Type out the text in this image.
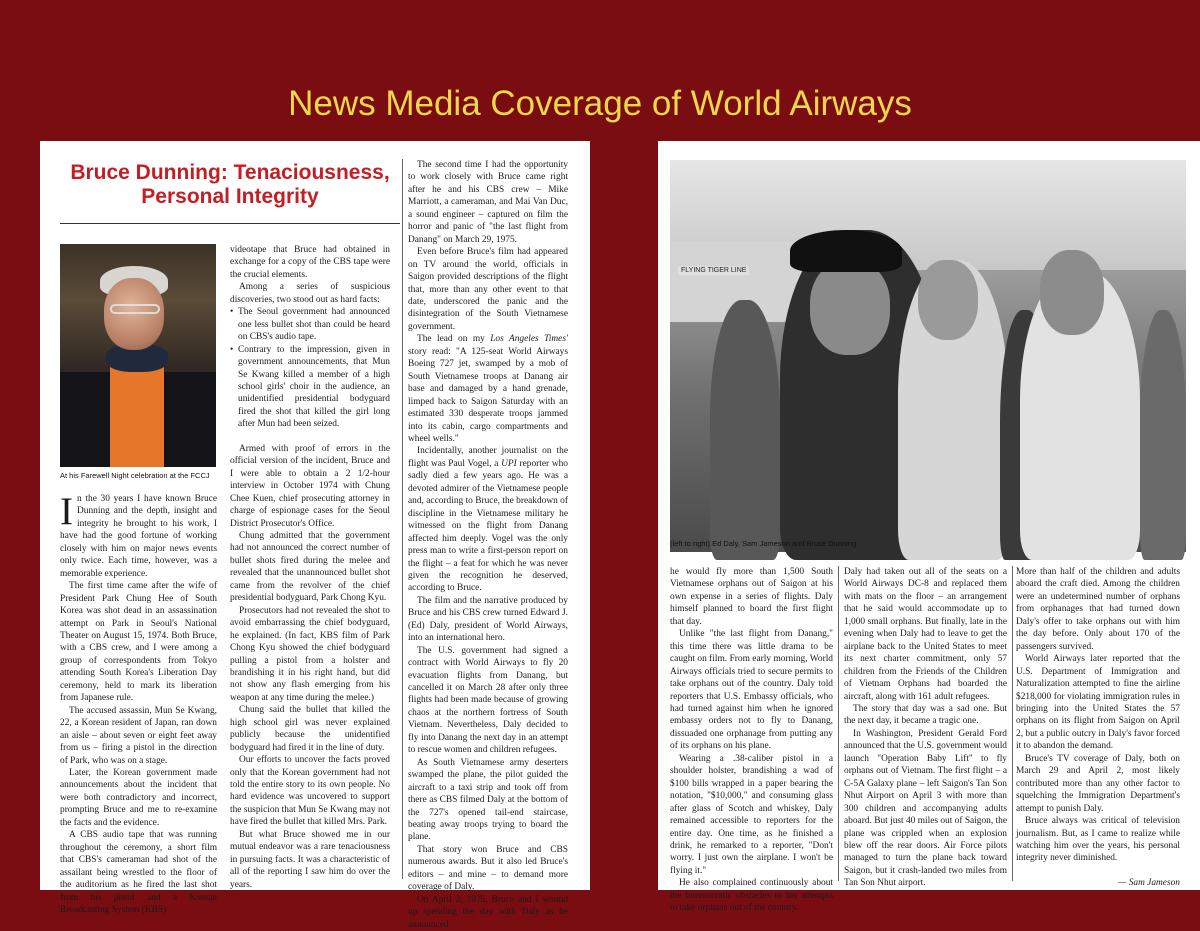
News Media Coverage of World Airways
Bruce Dunning: Tenaciousness,
Personal Integrity
At his Farewell Night celebration at the FCCJ

In the 30 years I have known Bruce Dunning and the depth, insight and integrity he brought to his work, I have had the good fortune of working closely with him on major news events only twice. Each time, however, was a memorable experience.

The first time came after the wife of President Park Chung Hee of South Korea was shot dead in an assassination attempt on Park in Seoul's National Theater on August 15, 1974. Both Bruce, with a CBS crew, and I were among a group of correspondents from Tokyo attending South Korea's Liberation Day ceremony, held to mark its liberation from Japanese rule.

The accused assassin, Mun Se Kwang, 22, a Korean resident of Japan, ran down an aisle – about seven or eight feet away from us – firing a pistol in the direction of Park, who was on a stage.

Later, the Korean government made announcements about the incident that were both contradictory and incorrect, prompting Bruce and me to re-examine the facts and the evidence.

A CBS audio tape that was running throughout the ceremony, a short film that CBS's cameraman had shot of the assailant being wrestled to the floor of the auditorium as he fired the last shot from his pistol and a Korean Broadcasting System (KBS)

videotape that Bruce had obtained in exchange for a copy of the CBS tape were the crucial elements.

Among a series of suspicious discoveries, two stood out as hard facts:

• The Seoul government had announced one less bullet shot than could be heard on CBS's audio tape.
• Contrary to the impression, given in government announcements, that Mun Se Kwang killed a member of a high school girls' choir in the audience, an unidentified presidential bodyguard fired the shot that killed the girl long after Mun had been seized.

Armed with proof of errors in the official version of the incident, Bruce and I were able to obtain a 2 1/2-hour interview in October 1974 with Chung Chee Kuen, chief prosecuting attorney in charge of espionage cases for the Seoul District Prosecutor's Office.

Chung admitted that the government had not announced the correct number of bullet shots fired during the melee and revealed that the unannounced bullet shot came from the revolver of the chief presidential bodyguard, Park Chong Kyu.

Prosecutors had not revealed the shot to avoid embarrassing the chief bodyguard, he explained. (In fact, KBS film of Park Chong Kyu showed the chief bodyguard pulling a pistol from a holster and brandishing it in his right hand, but did not show any flash emerging from his weapon at any time during the melee.)

Chung said the bullet that killed the high school girl was never explained publicly because the unidentified bodyguard had fired it in the line of duty.

Our efforts to uncover the facts proved only that the Korean government had not told the entire story to its own people. No hard evidence was uncovered to support the suspicion that Mun Se Kwang may not have fired the bullet that killed Mrs. Park.

But what Bruce showed me in our mutual endeavor was a rare tenaciousness in pursuing facts. It was a characteristic of all of the reporting I saw him do over the years.

The second time I had the opportunity to work closely with Bruce came right after he and his CBS crew – Mike Marriott, a cameraman, and Mai Van Duc, a sound engineer – captured on film the horror and panic of "the last flight from Danang" on March 29, 1975.

Even before Bruce's film had appeared on TV around the world, officials in Saigon provided descriptions of the flight that, more than any other event to that date, underscored the panic and the disintegration of the South Vietnamese government.

The lead on my Los Angeles Times' story read: "A 125-seat World Airways Boeing 727 jet, swamped by a mob of South Vietnamese troops at Danang air base and damaged by a hand grenade, limped back to Saigon Saturday with an estimated 330 desperate troops jammed into its cabin, cargo compartments and wheel wells."

Incidentally, another journalist on the flight was Paul Vogel, a UPI reporter who sadly died a few years ago. He was a devoted admirer of the Vietnamese people and, according to Bruce, the breakdown of discipline in the Vietnamese military he witnessed on the flight from Danang affected him deeply. Vogel was the only press man to write a first-person report on the flight – a feat for which he was never given the recognition he deserved, according to Bruce.

The film and the narrative produced by Bruce and his CBS crew turned Edward J. (Ed) Daly, president of World Airways, into an international hero.

The U.S. government had signed a contract with World Airways to fly 20 evacuation flights from Danang, but cancelled it on March 28 after only three flights had been made because of growing chaos at the northern fortress of South Vietnam. Nevertheless, Daly decided to fly into Danang the next day in an attempt to rescue women and children refugees.

As South Vietnamese army deserters swamped the plane, the pilot guided the aircraft to a taxi strip and took off from there as CBS filmed Daly at the bottom of the 727's opened tail-end staircase, beating away troops trying to board the plane.

That story won Bruce and CBS numerous awards. But it also led Bruce's editors – and mine – to demand more coverage of Daly.

On April 2, 1975, Bruce and I wound up spending the day with Daly as he announced

FLYING TIGER LINE
(left to right) Ed Daly, Sam Jameson and Bruce Dunning

he would fly more than 1,500 South Vietnamese orphans out of Saigon at his own expense in a series of flights. Daly himself planned to board the first flight that day.

Unlike "the last flight from Danang," this time there was little drama to be caught on film. From early morning, World Airways officials tried to secure permits to take orphans out of the country. Daly told reporters that U.S. Embassy officials, who had turned against him when he ignored embassy orders not to fly to Danang, dissuaded one orphanage from putting any of its orphans on his plane.

Wearing a .38-caliber pistol in a shoulder holster, brandishing a wad of $100 bills wrapped in a paper bearing the notation, "$10,000," and consuming glass after glass of Scotch and whiskey, Daly remained accessible to reporters for the entire day. One time, as he finished a drink, he remarked to a reporter, "Don't worry. I just own the airplane. I won't be flying it."

He also complained continuously about the bureaucratic obstacles to his attempts to take orphans out of the country.

Daly had taken out all of the seats on a World Airways DC-8 and replaced them with mats on the floor – an arrangement that he said would accommodate up to 1,000 small orphans. But finally, late in the evening when Daly had to leave to get the airplane back to the United States to meet its next charter commitment, only 57 children from the Friends of the Children of Vietnam Orphans had boarded the aircraft, along with 161 adult refugees.

The story that day was a sad one. But the next day, it became a tragic one.

In Washington, President Gerald Ford announced that the U.S. government would launch "Operation Baby Lift" to fly orphans out of Vietnam. The first flight – a C-5A Galaxy plane – left Saigon's Tan Son Nhut Airport on April 3 with more than 300 children and accompanying adults aboard. But just 40 miles out of Saigon, the plane was crippled when an explosion blew off the rear doors. Air Force pilots managed to turn the plane back toward Saigon, but it crash-landed two miles from Tan Son Nhut airport.

More than half of the children and adults aboard the craft died. Among the children were an undetermined number of orphans from orphanages that had turned down Daly's offer to take orphans out with him the day before. Only about 170 of the passengers survived.

World Airways later reported that the U.S. Department of Immigration and Naturalization attempted to fine the airline $218,000 for violating immigration rules in bringing into the United States the 57 orphans on its flight from Saigon on April 2, but a public outcry in Daly's favor forced it to abandon the demand.

Bruce's TV coverage of Daly, both on March 29 and April 2, most likely contributed more than any other factor to squelching the Immigration Department's attempt to punish Daly.

Bruce always was critical of television journalism. But, as I came to realize while watching him over the years, his personal integrity never diminished.

— Sam Jameson
